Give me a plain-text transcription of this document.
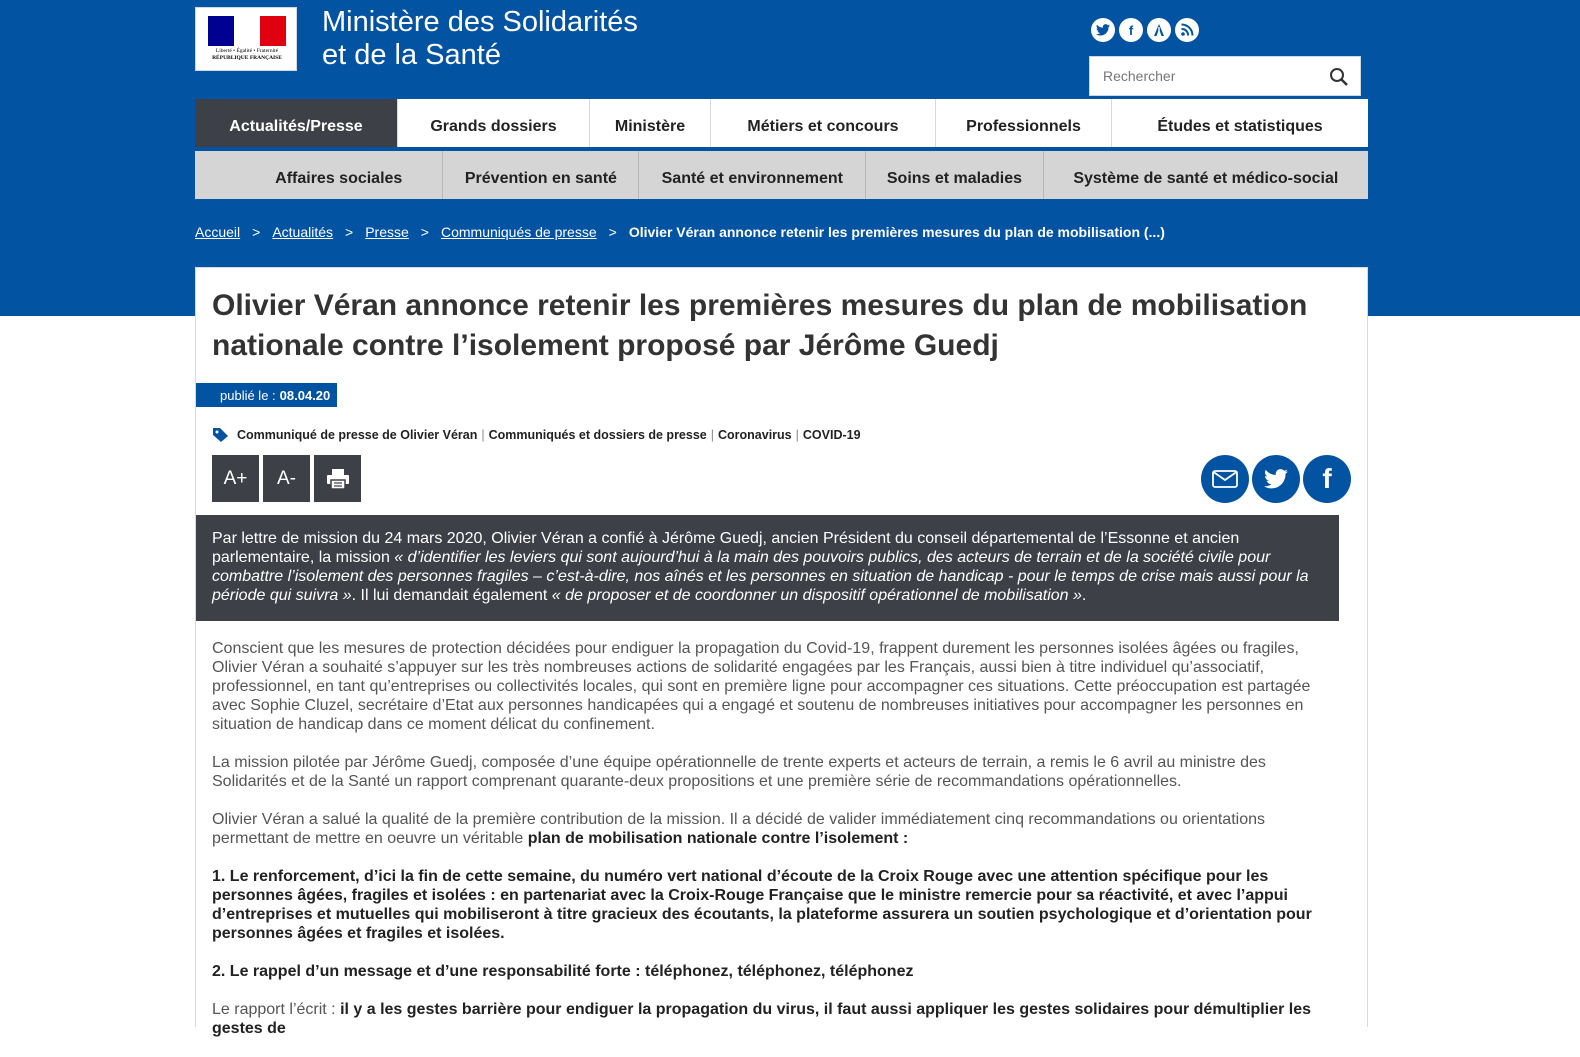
Liberté • Égalité • Fraternité
RÉPUBLIQUE FRANÇAISE
Ministère des Solidarités
et de la Santé
f
Rechercher
Actualités/Presse	Grands dossiers	Ministère	Métiers et concours	Professionnels	Études et statistiques
Affaires sociales	Prévention en santé	Santé et environnement	Soins et maladies	Système de santé et médico-social
Accueil > Actualités > Presse > Communiqués de presse > Olivier Véran annonce retenir les premières mesures du plan de mobilisation (...)
Olivier Véran annonce retenir les premières mesures du plan de mobilisation nationale contre l’isolement proposé par Jérôme Guedj
publié le : 08.04.20
Communiqué de presse de Olivier Véran | Communiqués et dossiers de presse | Coronavirus | COVID-19
A+	A-	f
Par lettre de mission du 24 mars 2020, Olivier Véran a confié à Jérôme Guedj, ancien Président du conseil départemental de l’Essonne et ancien parlementaire, la mission « d’identifier les leviers qui sont aujourd’hui à la main des pouvoirs publics, des acteurs de terrain et de la société civile pour combattre l’isolement des personnes fragiles – c’est-à-dire, nos aînés et les personnes en situation de handicap - pour le temps de crise mais aussi pour la période qui suivra ». Il lui demandait également « de proposer et de coordonner un dispositif opérationnel de mobilisation ».

Conscient que les mesures de protection décidées pour endiguer la propagation du Covid-19, frappent durement les personnes isolées âgées ou fragiles, Olivier Véran a souhaité s’appuyer sur les très nombreuses actions de solidarité engagées par les Français, aussi bien à titre individuel qu’associatif, professionnel, en tant qu’entreprises ou collectivités locales, qui sont en première ligne pour accompagner ces situations. Cette préoccupation est partagée avec Sophie Cluzel, secrétaire d’Etat aux personnes handicapées qui a engagé et soutenu de nombreuses initiatives pour accompagner les personnes en situation de handicap dans ce moment délicat du confinement.

La mission pilotée par Jérôme Guedj, composée d’une équipe opérationnelle de trente experts et acteurs de terrain, a remis le 6 avril au ministre des Solidarités et de la Santé un rapport comprenant quarante-deux propositions et une première série de recommandations opérationnelles.

Olivier Véran a salué la qualité de la première contribution de la mission. Il a décidé de valider immédiatement cinq recommandations ou orientations permettant de mettre en oeuvre un véritable plan de mobilisation nationale contre l’isolement :

1. Le renforcement, d’ici la fin de cette semaine, du numéro vert national d’écoute de la Croix Rouge avec une attention spécifique pour les personnes âgées, fragiles et isolées : en partenariat avec la Croix-Rouge Française que le ministre remercie pour sa réactivité, et avec l’appui d’entreprises et mutuelles qui mobiliseront à titre gracieux des écoutants, la plateforme assurera un soutien psychologique et d’orientation pour personnes âgées et fragiles et isolées.

2. Le rappel d’un message et d’une responsabilité forte : téléphonez, téléphonez, téléphonez

Le rapport l’écrit : il y a les gestes barrière pour endiguer la propagation du virus, il faut aussi appliquer les gestes solidaires pour démultiplier les gestes de
